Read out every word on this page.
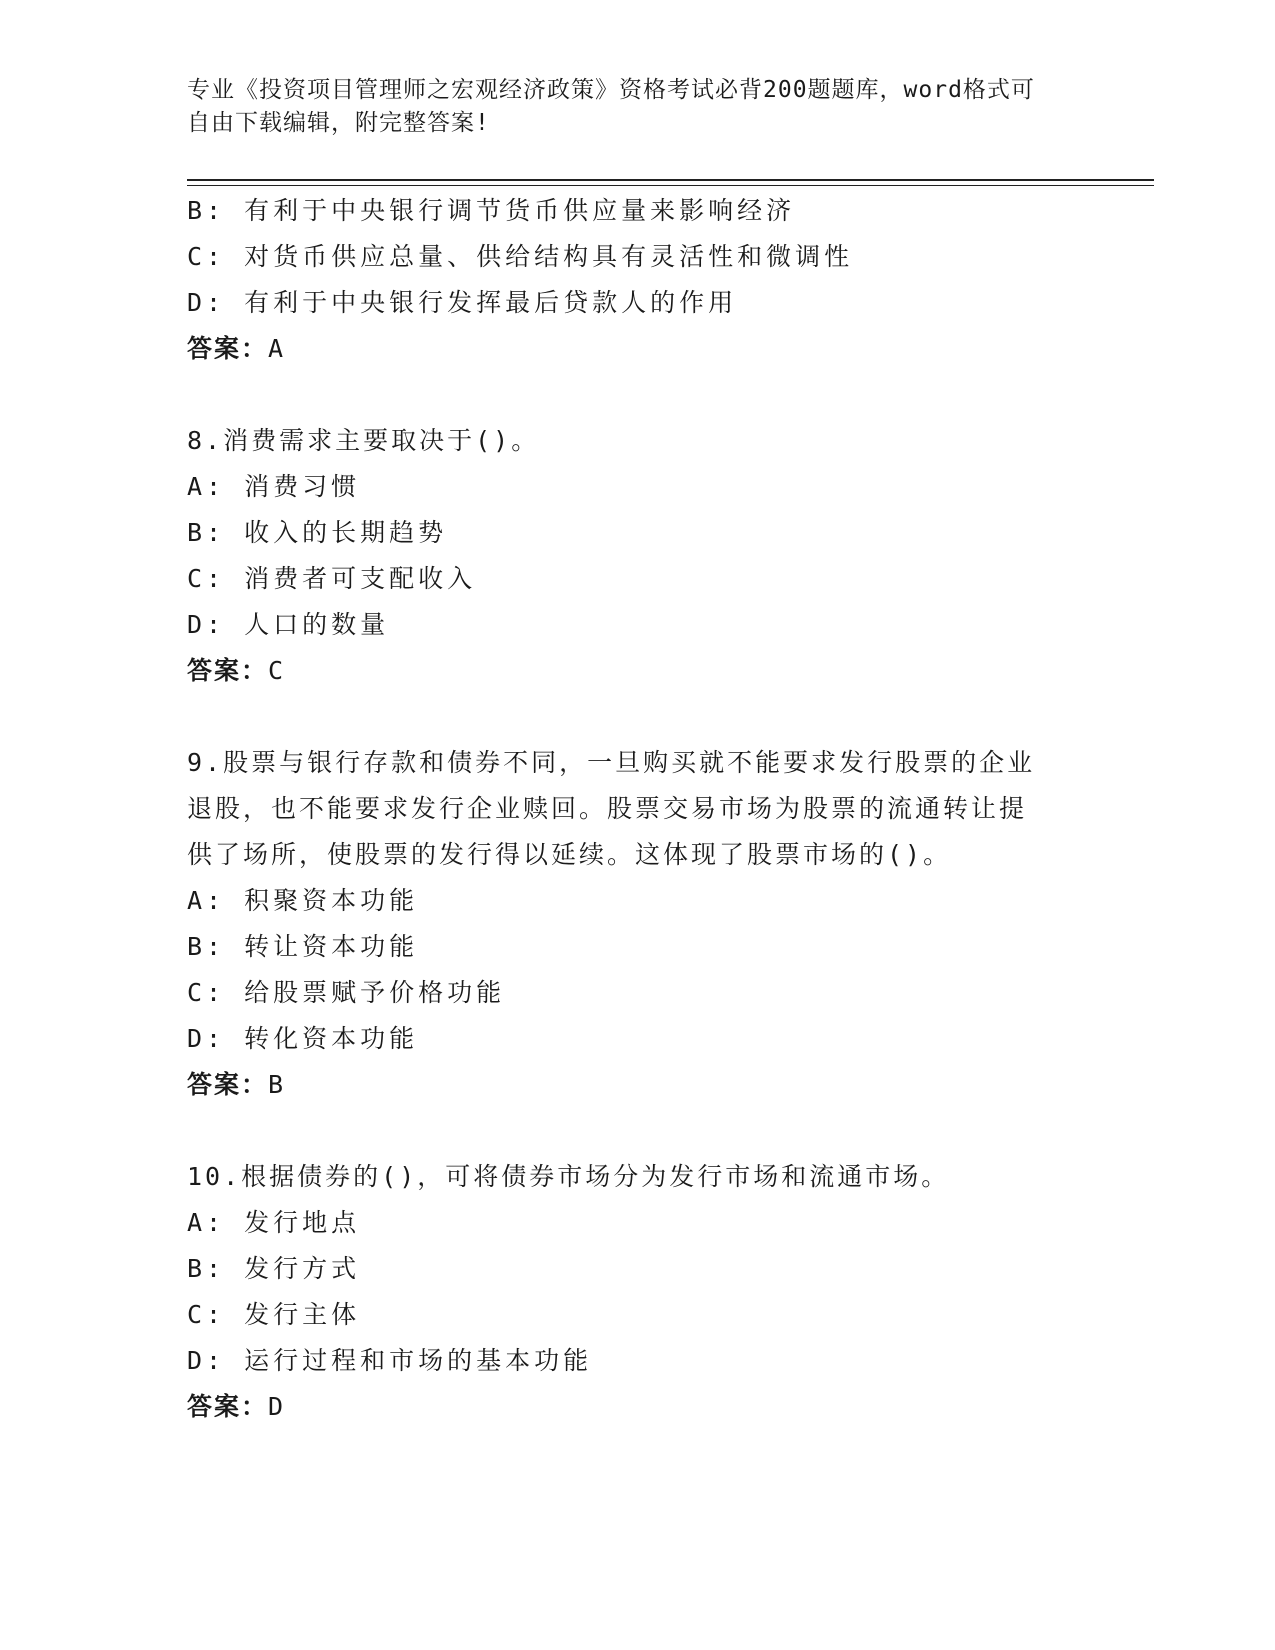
专业《投资项目管理师之宏观经济政策》资格考试必背200题题库，word格式可
自由下载编辑，附完整答案!
B: 有利于中央银行调节货币供应量来影响经济
C: 对货币供应总量、供给结构具有灵活性和微调性
D: 有利于中央银行发挥最后贷款人的作用
答案：A
8.消费需求主要取决于()。
A: 消费习惯
B: 收入的长期趋势
C: 消费者可支配收入
D: 人口的数量
答案：C
9.股票与银行存款和债券不同，一旦购买就不能要求发行股票的企业
退股，也不能要求发行企业赎回。股票交易市场为股票的流通转让提
供了场所，使股票的发行得以延续。这体现了股票市场的()。
A: 积聚资本功能
B: 转让资本功能
C: 给股票赋予价格功能
D: 转化资本功能
答案：B
10.根据债券的()，可将债券市场分为发行市场和流通市场。
A: 发行地点
B: 发行方式
C: 发行主体
D: 运行过程和市场的基本功能
答案：D
